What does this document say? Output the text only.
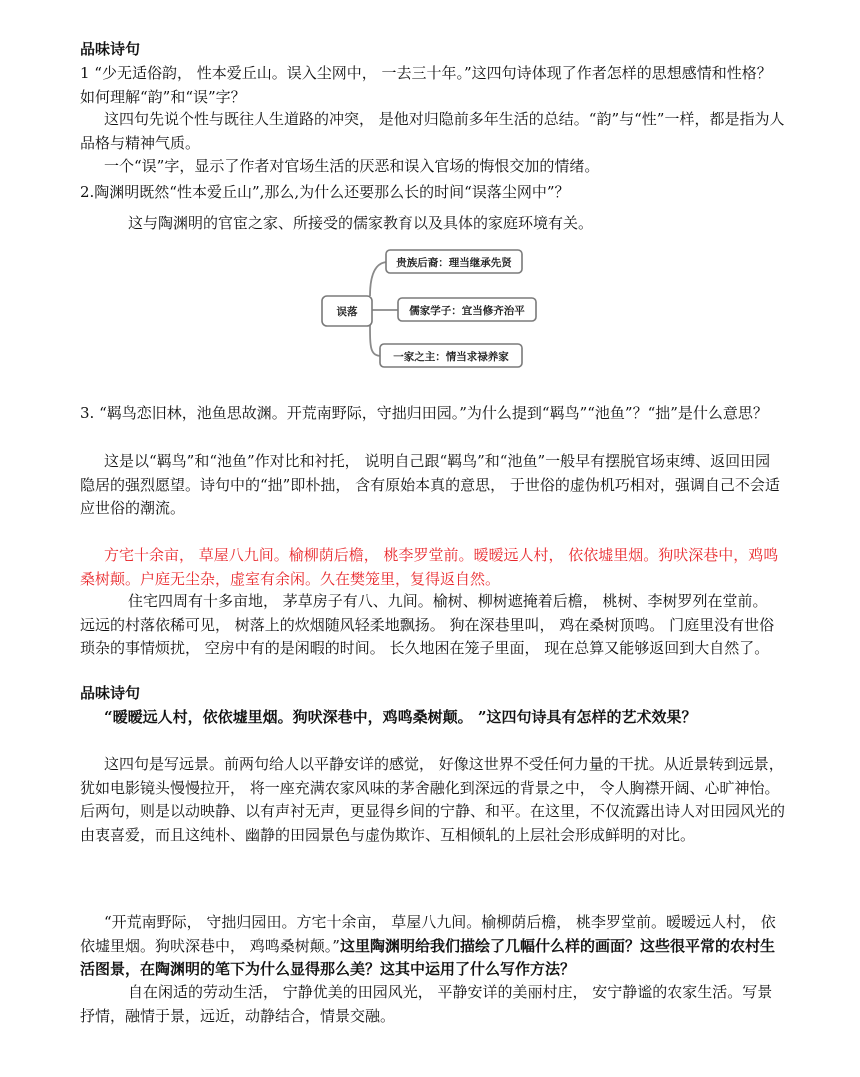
品味诗句

1 “少无适俗韵， 性本爱丘山。误入尘网中， 一去三十年。”这四句诗体现了作者怎样的思想感情和性格？如何理解“韵”和“误”字？

这四句先说个性与既往人生道路的冲突， 是他对归隐前多年生活的总结。“韵”与“性”一样，都是指为人品格与精神气质。

一个“误”字，显示了作者对官场生活的厌恶和误入官场的悔恨交加的情绪。

2.陶渊明既然“性本爱丘山”,那么,为什么还要那么长的时间“误落尘网中”？

这与陶渊明的官宦之家、所接受的儒家教育以及具体的家庭环境有关。

误落
贵族后裔：理当继承先贤
儒家学子：宜当修齐治平
一家之主：情当求禄养家

3. “羁鸟恋旧林，池鱼思故渊。开荒南野际，守拙归田园。”为什么提到“羁鸟”“池鱼”？“拙”是什么意思？

这是以“羁鸟”和“池鱼”作对比和衬托， 说明自己跟“羁鸟”和“池鱼”一般早有摆脱官场束缚、返回田园隐居的强烈愿望。诗句中的“拙”即朴拙， 含有原始本真的意思， 于世俗的虚伪机巧相对，强调自己不会适应世俗的潮流。

方宅十余亩， 草屋八九间。榆柳荫后檐， 桃李罗堂前。暧暧远人村， 依依墟里烟。狗吠深巷中，鸡鸣桑树颠。户庭无尘杂，虚室有余闲。久在樊笼里，复得返自然。

住宅四周有十多亩地， 茅草房子有八、九间。榆树、柳树遮掩着后檐， 桃树、李树罗列在堂前。 远远的村落依稀可见， 树落上的炊烟随风轻柔地飘扬。 狗在深巷里叫， 鸡在桑树顶鸣。 门庭里没有世俗琐杂的事情烦扰， 空房中有的是闲暇的时间。 长久地困在笼子里面， 现在总算又能够返回到大自然了。

品味诗句

“暧暧远人村，依依墟里烟。狗吠深巷中，鸡鸣桑树颠。 ”这四句诗具有怎样的艺术效果？

这四句是写远景。前两句给人以平静安详的感觉， 好像这世界不受任何力量的干扰。从近景转到远景， 犹如电影镜头慢慢拉开， 将一座充满农家风味的茅舍融化到深远的背景之中， 令人胸襟开阔、心旷神怡。后两句，则是以动映静、以有声衬无声，更显得乡间的宁静、和平。在这里，不仅流露出诗人对田园风光的由衷喜爱，而且这纯朴、幽静的田园景色与虚伪欺诈、互相倾轧的上层社会形成鲜明的对比。

“开荒南野际， 守拙归园田。方宅十余亩， 草屋八九间。榆柳荫后檐， 桃李罗堂前。暧暧远人村， 依依墟里烟。狗吠深巷中， 鸡鸣桑树颠。”这里陶渊明给我们描绘了几幅什么样的画面？这些很平常的农村生活图景，在陶渊明的笔下为什么显得那么美？这其中运用了什么写作方法？

自在闲适的劳动生活， 宁静优美的田园风光， 平静安详的美丽村庄， 安宁静谧的农家生活。写景抒情，融情于景，远近，动静结合，情景交融。
